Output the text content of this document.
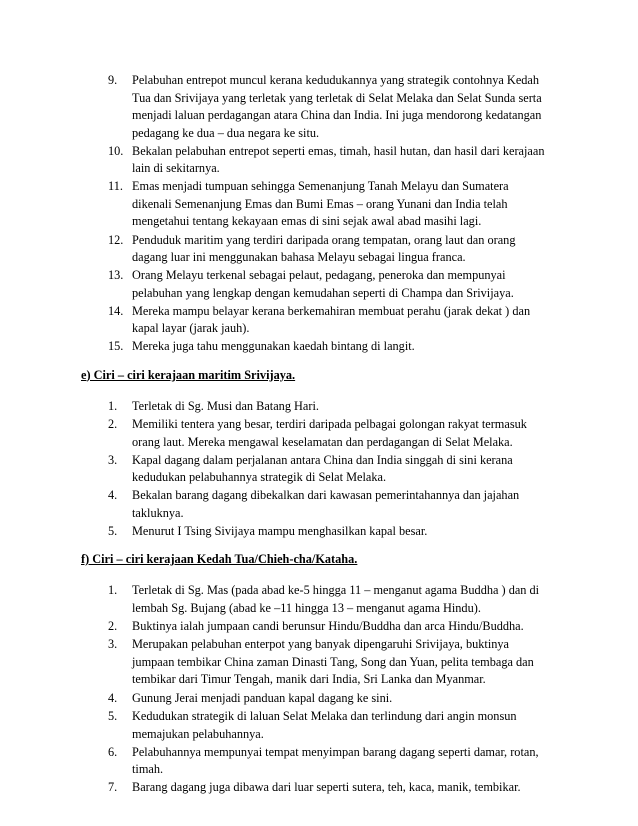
9. Pelabuhan entrepot muncul kerana kedudukannya yang strategik contohnya Kedah Tua dan Srivijaya yang terletak yang terletak di Selat Melaka dan Selat Sunda serta menjadi laluan perdagangan atara China dan India. Ini juga mendorong kedatangan pedagang ke dua – dua negara ke situ.
10. Bekalan pelabuhan entrepot seperti emas, timah, hasil hutan, dan hasil dari kerajaan lain di sekitarnya.
11. Emas menjadi tumpuan sehingga Semenanjung Tanah Melayu dan Sumatera dikenali Semenanjung Emas dan Bumi Emas – orang Yunani dan India telah mengetahui tentang kekayaan emas di sini sejak awal abad masihi lagi.
12. Penduduk maritim yang terdiri daripada orang tempatan, orang laut dan orang dagang luar ini menggunakan bahasa Melayu sebagai lingua franca.
13. Orang Melayu terkenal sebagai pelaut, pedagang, peneroka dan mempunyai pelabuhan yang lengkap dengan kemudahan seperti di Champa dan Srivijaya.
14. Mereka mampu belayar kerana berkemahiran membuat perahu (jarak dekat ) dan kapal layar (jarak jauh).
15. Mereka juga tahu menggunakan kaedah bintang di langit.
e) Ciri – ciri kerajaan maritim Srivijaya.
1. Terletak di Sg. Musi dan Batang Hari.
2. Memiliki tentera yang besar, terdiri daripada pelbagai golongan rakyat termasuk orang laut. Mereka mengawal keselamatan dan perdagangan di Selat Melaka.
3. Kapal dagang dalam perjalanan antara China dan India singgah di sini kerana kedudukan pelabuhannya strategik di Selat Melaka.
4. Bekalan barang dagang dibekalkan dari kawasan pemerintahannya dan jajahan takluknya.
5. Menurut I Tsing Sivijaya mampu menghasilkan kapal besar.
f) Ciri – ciri kerajaan Kedah Tua/Chieh-cha/Kataha.
1. Terletak di Sg. Mas (pada abad ke-5 hingga 11 – menganut agama Buddha ) dan di lembah Sg. Bujang (abad ke –11 hingga 13 – menganut agama Hindu).
2. Buktinya ialah jumpaan candi berunsur Hindu/Buddha dan arca Hindu/Buddha.
3. Merupakan pelabuhan enterpot yang banyak dipengaruhi Srivijaya, buktinya jumpaan tembikar China zaman Dinasti Tang, Song dan Yuan, pelita tembaga dan tembikar dari Timur Tengah, manik dari India, Sri Lanka dan Myanmar.
4. Gunung Jerai menjadi panduan kapal dagang ke sini.
5. Kedudukan strategik di laluan Selat Melaka dan terlindung dari angin monsun memajukan pelabuhannya.
6. Pelabuhannya mempunyai tempat menyimpan barang dagang seperti damar, rotan, timah.
7. Barang dagang juga dibawa dari luar seperti sutera, teh, kaca, manik, tembikar.
